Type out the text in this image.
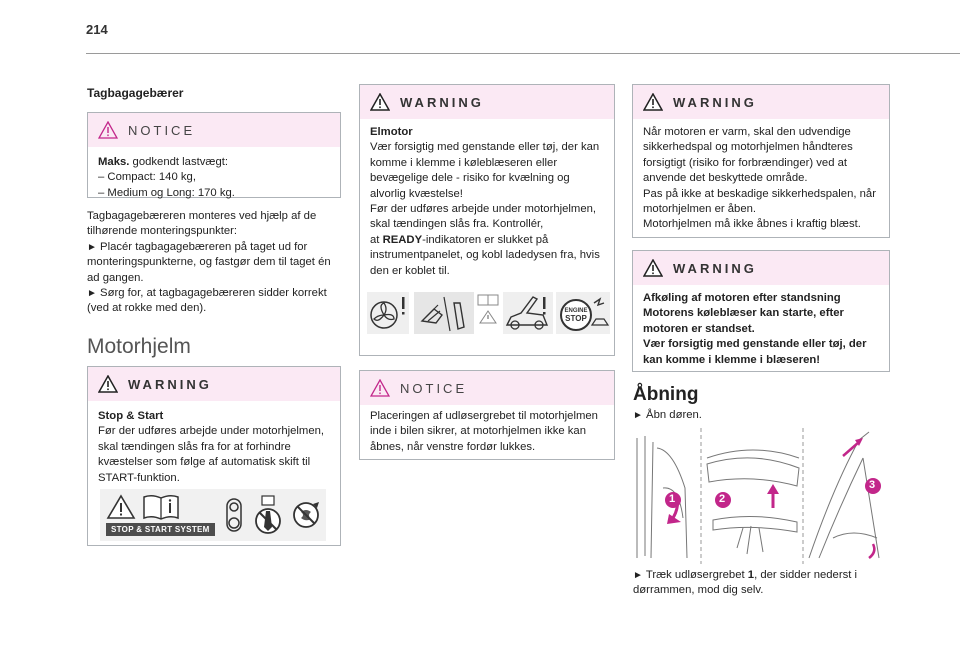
214
Tagbagagebærer
NOTICE

Maks. godkendt lastvægt:

– Compact: 140 kg,

– Medium og Long: 170 kg.

Tagbagagebæreren monteres ved hjælp af de tilhørende monteringspunkter:

► Placér tagbagagebæreren på taget ud for monteringspunkterne, og fastgør dem til taget én ad gangen.

► Sørg for, at tagbagagebæreren sidder korrekt (ved at rokke med den).

Motorhjelm
WARNING

Stop & Start

Før der udføres arbejde under motorhjelmen, skal tændingen slås fra for at forhindre kvæstelser som følge af automatisk skift til START-funktion.

STOP & START SYSTEM
WARNING

Elmotor

Vær forsigtig med genstande eller tøj, der kan komme i klemme i køleblæseren eller bevægelige dele - risiko for kvælning og alvorlig kvæstelse!

Før der udføres arbejde under motorhjelmen, skal tændingen slås fra. Kontrollér,

at READY-indikatoren er slukket på instrumentpanelet, og kobl ladedysen fra, hvis den er koblet til.

ENGINE
STOP
NOTICE

Placeringen af udløsergrebet til motorhjelmen inde i bilen sikrer, at motorhjelmen ikke kan åbnes, når venstre fordør lukkes.

WARNING

Når motoren er varm, skal den udvendige sikkerhedspal og motorhjelmen håndteres forsigtigt (risiko for forbrændinger) ved at anvende det beskyttede område.

Pas på ikke at beskadige sikkerhedspalen, når motorhjelmen er åben.

Motorhjelmen må ikke åbnes i kraftig blæst.

WARNING

Afkøling af motoren efter standsning

Motorens køleblæser kan starte, efter motoren er standset.

Vær forsigtig med genstande eller tøj, der kan komme i klemme i blæseren!

Åbning

► Åbn døren.

1	2
3

► Træk udløsergrebet 1, der sidder nederst i dørrammen, mod dig selv.
